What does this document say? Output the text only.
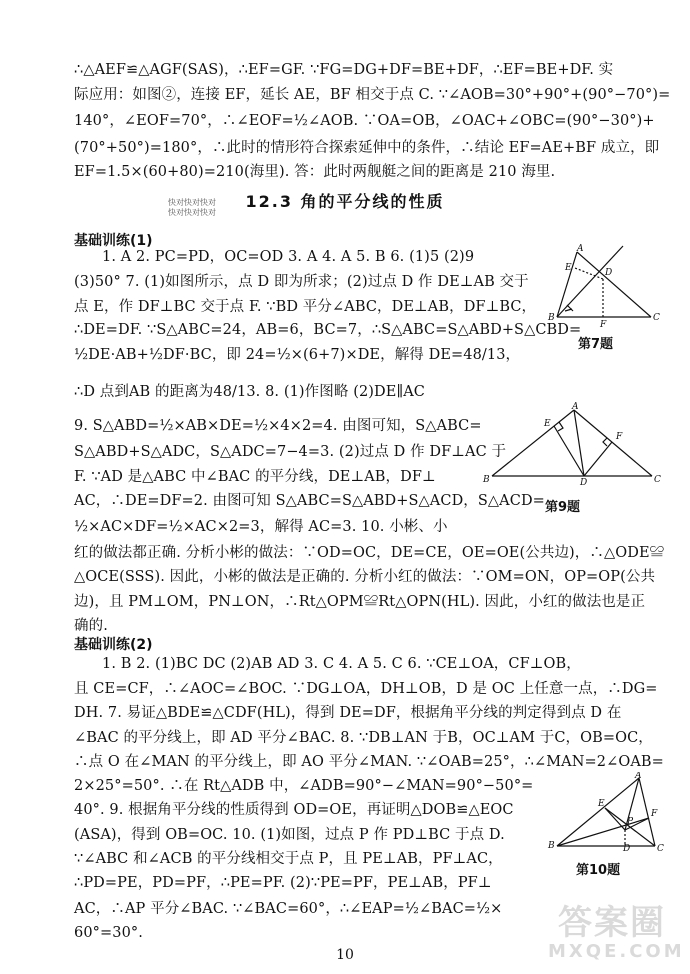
∴△AEF≌△AGF(SAS)，∴EF=GF. ∵FG=DG+DF=BE+DF，∴EF=BE+DF. 实
际应用：如图②，连接 EF，延长 AE，BF 相交于点 C. ∵∠AOB=30°+90°+(90°−70°)=
140°，∠EOF=70°，∴∠EOF=½∠AOB. ∵OA=OB，∠OAC+∠OBC=(90°−30°)+
(70°+50°)=180°，∴此时的情形符合探索延伸中的条件，∴结论 EF=AE+BF 成立，即
EF=1.5×(60+80)=210(海里). 答：此时两舰艇之间的距离是 210 海里.
快对快对快对
快对快对快对
12.3 角的平分线的性质
基础训练(1)
1. A 2. PC=PD，OC=OD 3. A 4. A 5. B 6. (1)5 (2)9
(3)50° 7. (1)如图所示，点 D 即为所求；(2)过点 D 作 DE⊥AB 交于
点 E，作 DF⊥BC 交于点 F. ∵BD 平分∠ABC，DE⊥AB，DF⊥BC，
∴DE=DF. ∵S△ABC=24，AB=6，BC=7，∴S△ABC=S△ABD+S△CBD=
½DE·AB+½DF·BC，即 24=½×(6+7)×DE，解得 DE=48/13，
∴D 点到AB 的距离为48/13. 8. (1)作图略 (2)DE∥AC
A
E	D
B
F
C
第7题
9. S△ABD=½×AB×DE=½×4×2=4. 由图可知，S△ABC=
S△ABD+S△ADC，S△ADC=7−4=3. (2)过点 D 作 DF⊥AC 于
F. ∵AD 是△ABC 中∠BAC 的平分线，DE⊥AB，DF⊥
AC，∴DE=DF=2. 由图可知 S△ABC=S△ABD+S△ACD，S△ACD=
½×AC×DF=½×AC×2=3，解得 AC=3. 10. 小彬、小
A
E
F
B	D	C
第9题
红的做法都正确. 分析小彬的做法：∵OD=OC，DE=CE，OE=OE(公共边)，∴△ODE≌
△OCE(SSS). 因此，小彬的做法是正确的. 分析小红的做法：∵OM=ON，OP=OP(公共
边)，且 PM⊥OM，PN⊥ON，∴Rt△OPM≌Rt△OPN(HL). 因此，小红的做法也是正
确的.
基础训练(2)
1. B 2. (1)BC DC (2)AB AD 3. C 4. A 5. C 6. ∵CE⊥OA，CF⊥OB，
且 CE=CF，∴∠AOC=∠BOC. ∵DG⊥OA，DH⊥OB，D 是 OC 上任意一点，∴DG=
DH. 7. 易证△BDE≌△CDF(HL)，得到 DE=DF，根据角平分线的判定得到点 D 在
∠BAC 的平分线上，即 AD 平分∠BAC. 8. ∵DB⊥AN 于B，OC⊥AM 于C，OB=OC，
∴点 O 在∠MAN 的平分线上，即 AO 平分∠MAN. ∵∠OAB=25°，∴∠MAN=2∠OAB=
2×25°=50°. ∴在 Rt△ADB 中，∠ADB=90°−∠MAN=90°−50°=
40°. 9. 根据角平分线的性质得到 OD=OE，再证明△DOB≌△EOC
(ASA)，得到 OB=OC. 10. (1)如图，过点 P 作 PD⊥BC 于点 D.
∵∠ABC 和∠ACB 的平分线相交于点 P，且 PE⊥AB，PF⊥AC，
∴PD=PE，PD=PF，∴PE=PF. (2)∵PE=PF，PE⊥AB，PF⊥
AC，∴AP 平分∠BAC. ∵∠BAC=60°，∴∠EAP=½∠BAC=½×
60°=30°.
A
E
P
F
B	D	C
第10题
10
答案圈
MXQE.COM
